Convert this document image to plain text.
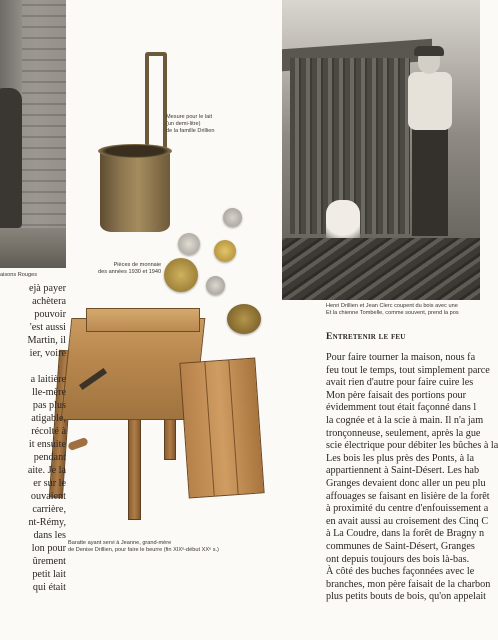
aisons Rouges
Henri Drillien et Jean Clerc coupent du bois avec une
Et la chienne Tombelle, comme souvent, prend la pos
Mesure pour le lait
(un demi-litre)
de la famille Drillien
Pièces de monnaie
des années 1930 et 1940
Baratte ayant servi à Jeanne, grand-mère
de Denise Drillien, pour faire le beurre (fin XIXᵉ-début XXᵉ s.)
ejà payer
achètera
pouvoir
'est aussi
Martin, il
ier, voire

a laitière
lle-mère
pas plus
atigable,
récolté à
it ensuite
pendant
aite. Je la
er sur le
ouvaient
carrière,
nt-Rémy,
dans les
lon pour
ûrement
petit lait
qui était
Entretenir le feu
Pour faire tourner la maison, nous fa
feu tout le temps, tout simplement parce
avait rien d'autre pour faire cuire les
Mon père faisait des portions pour
évidemment tout était façonné dans l
la cognée et à la scie à main. Il n'a jam
tronçonneuse, seulement, après la gue
scie électrique pour débiter les bûches à la
Les bois les plus près des Ponts, à la
appartiennent à Saint-Désert. Les hab
Granges devaient donc aller un peu plu
affouages se faisant en lisière de la forêt
à proximité du centre d'enfouissement a
en avait aussi au croisement des Cinq C
à La Coudre, dans la forêt de Bragny n
communes de Saint-Désert, Granges
ont depuis toujours des bois là-bas.
À côté des buches façonnées avec le
branches, mon père faisait de la charbon
plus petits bouts de bois, qu'on appelait
